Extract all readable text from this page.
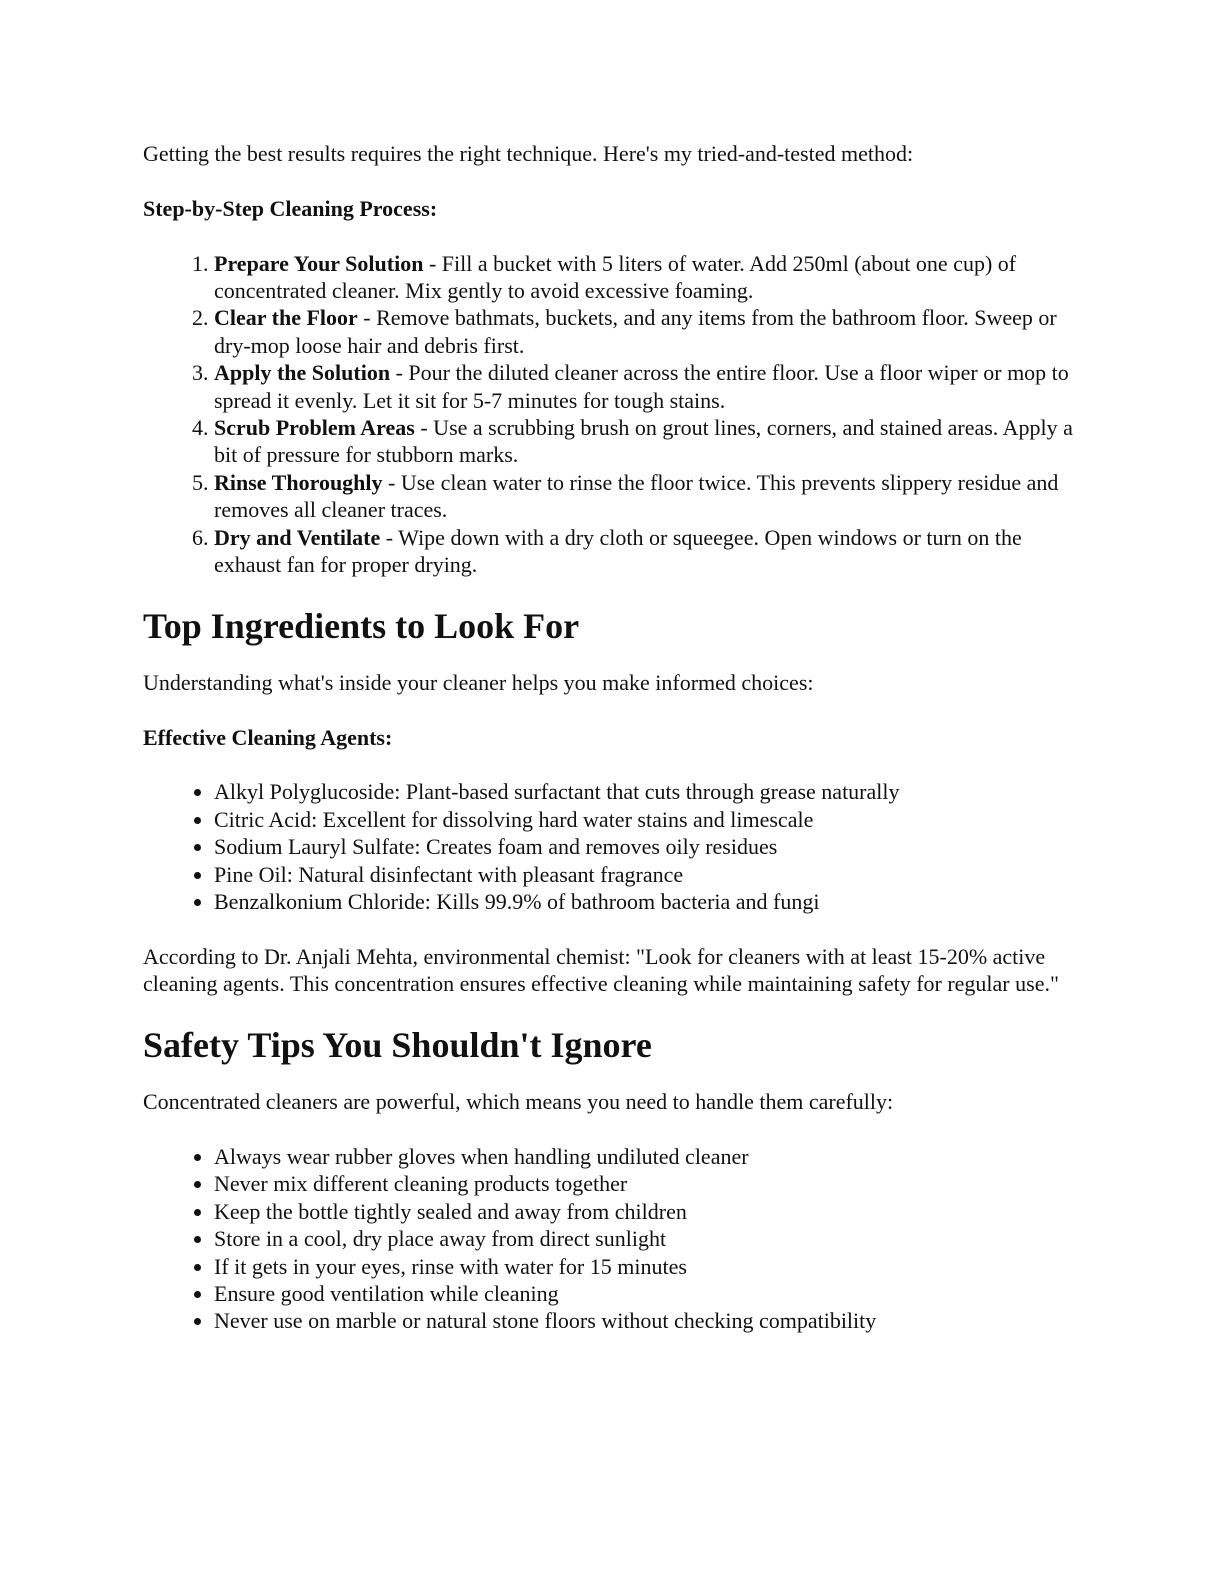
Getting the best results requires the right technique. Here's my tried-and-tested method:

Step-by-Step Cleaning Process:

1. Prepare Your Solution - Fill a bucket with 5 liters of water. Add 250ml (about one cup) of concentrated cleaner. Mix gently to avoid excessive foaming.
2. Clear the Floor - Remove bathmats, buckets, and any items from the bathroom floor. Sweep or dry-mop loose hair and debris first.
3. Apply the Solution - Pour the diluted cleaner across the entire floor. Use a floor wiper or mop to spread it evenly. Let it sit for 5-7 minutes for tough stains.
4. Scrub Problem Areas - Use a scrubbing brush on grout lines, corners, and stained areas. Apply a bit of pressure for stubborn marks.
5. Rinse Thoroughly - Use clean water to rinse the floor twice. This prevents slippery residue and removes all cleaner traces.
6. Dry and Ventilate - Wipe down with a dry cloth or squeegee. Open windows or turn on the exhaust fan for proper drying.
Top Ingredients to Look For

Understanding what's inside your cleaner helps you make informed choices:

Effective Cleaning Agents:

• Alkyl Polyglucoside: Plant-based surfactant that cuts through grease naturally
• Citric Acid: Excellent for dissolving hard water stains and limescale
• Sodium Lauryl Sulfate: Creates foam and removes oily residues
• Pine Oil: Natural disinfectant with pleasant fragrance
• Benzalkonium Chloride: Kills 99.9% of bathroom bacteria and fungi

According to Dr. Anjali Mehta, environmental chemist: "Look for cleaners with at least 15-20% active cleaning agents. This concentration ensures effective cleaning while maintaining safety for regular use."

Safety Tips You Shouldn't Ignore

Concentrated cleaners are powerful, which means you need to handle them carefully:

• Always wear rubber gloves when handling undiluted cleaner
• Never mix different cleaning products together
• Keep the bottle tightly sealed and away from children
• Store in a cool, dry place away from direct sunlight
• If it gets in your eyes, rinse with water for 15 minutes
• Ensure good ventilation while cleaning
• Never use on marble or natural stone floors without checking compatibility
